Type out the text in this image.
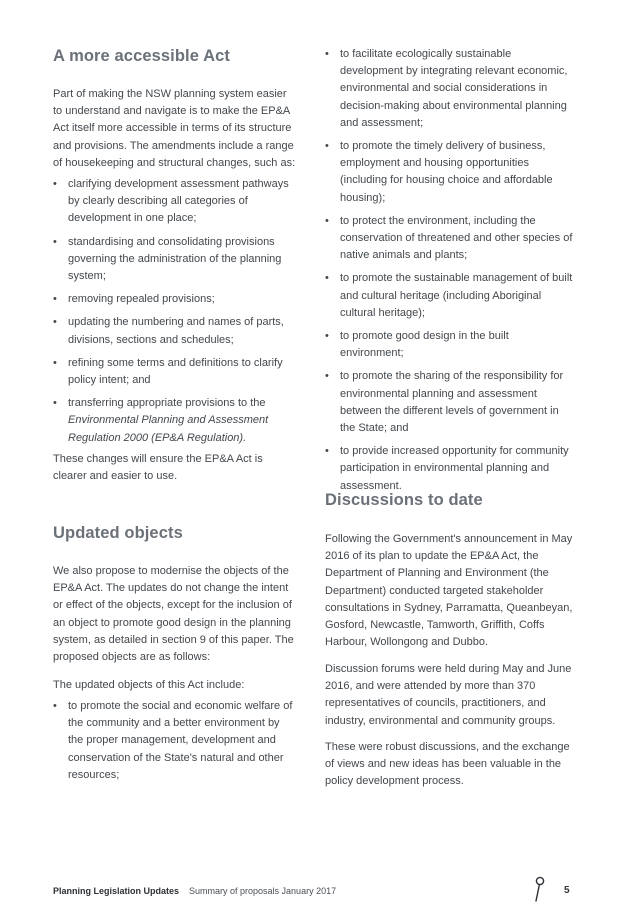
A more accessible Act

Part of making the NSW planning system easier to understand and navigate is to make the EP&A Act itself more accessible in terms of its structure and provisions. The amendments include a range of housekeeping and structural changes, such as:

• clarifying development assessment pathways by clearly describing all categories of development in one place;
• standardising and consolidating provisions governing the administration of the planning system;
• removing repealed provisions;
• updating the numbering and names of parts, divisions, sections and schedules;
• refining some terms and definitions to clarify policy intent; and
• transferring appropriate provisions to the
Environmental Planning and Assessment Regulation 2000 (EP&A Regulation).

These changes will ensure the EP&A Act is clearer and easier to use.

Updated objects

We also propose to modernise the objects of the EP&A Act. The updates do not change the intent or effect of the objects, except for the inclusion of an object to promote good design in the planning system, as detailed in section 9 of this paper. The proposed objects are as follows:

The updated objects of this Act include:

• to promote the social and economic welfare of the community and a better environment by the proper management, development and conservation of the State's natural and other resources;
• to facilitate ecologically sustainable development by integrating relevant economic, environmental and social considerations in decision-making about environmental planning and assessment;
• to promote the timely delivery of business, employment and housing opportunities (including for housing choice and affordable housing);
• to protect the environment, including the conservation of threatened and other species of native animals and plants;
• to promote the sustainable management of built and cultural heritage (including Aboriginal cultural heritage);
• to promote good design in the built environment;
• to promote the sharing of the responsibility for environmental planning and assessment between the different levels of government in the State; and
• to provide increased opportunity for community participation in environmental planning and assessment.
Discussions to date

Following the Government's announcement in May 2016 of its plan to update the EP&A Act, the Department of Planning and Environment (the Department) conducted targeted stakeholder consultations in Sydney, Parramatta, Queanbeyan, Gosford, Newcastle, Tamworth, Griffith, Coffs Harbour, Wollongong and Dubbo.

Discussion forums were held during May and June 2016, and were attended by more than 370 representatives of councils, practitioners, and industry, environmental and community groups.

These were robust discussions, and the exchange of views and new ideas has been valuable in the policy development process.

Planning Legislation Updates Summary of proposals January 2017	5
